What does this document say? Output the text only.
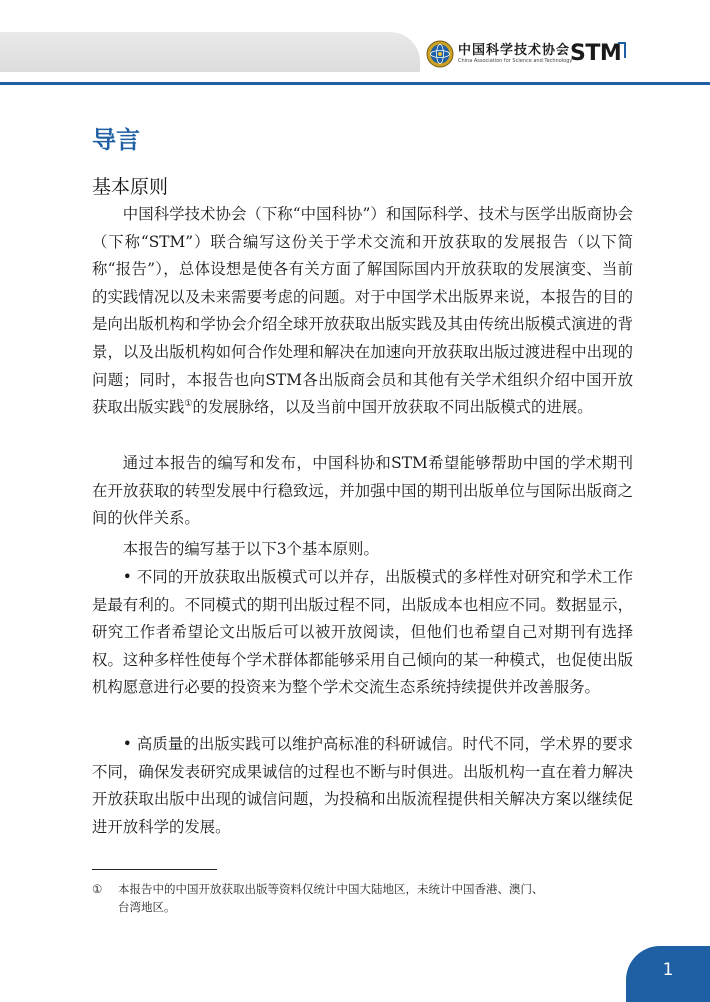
中国科学技术协会
China Association for Science and Technology
STM
导言
基本原则

中国科学技术协会（下称“中国科协”）和国际科学、技术与医学出版商协会（下称“STM”）联合编写这份关于学术交流和开放获取的发展报告（以下简称“报告”），总体设想是使各有关方面了解国际国内开放获取的发展演变、当前的实践情况以及未来需要考虑的问题。对于中国学术出版界来说，本报告的目的是向出版机构和学协会介绍全球开放获取出版实践及其由传统出版模式演进的背景，以及出版机构如何合作处理和解决在加速向开放获取出版过渡进程中出现的问题；同时，本报告也向STM各出版商会员和其他有关学术组织介绍中国开放获取出版实践①的发展脉络，以及当前中国开放获取不同出版模式的进展。

通过本报告的编写和发布，中国科协和STM希望能够帮助中国的学术期刊在开放获取的转型发展中行稳致远，并加强中国的期刊出版单位与国际出版商之间的伙伴关系。

本报告的编写基于以下3个基本原则。

• 不同的开放获取出版模式可以并存，出版模式的多样性对研究和学术工作是最有利的。不同模式的期刊出版过程不同，出版成本也相应不同。数据显示，研究工作者希望论文出版后可以被开放阅读，但他们也希望自己对期刊有选择权。这种多样性使每个学术群体都能够采用自己倾向的某一种模式，也促使出版机构愿意进行必要的投资来为整个学术交流生态系统持续提供并改善服务。

• 高质量的出版实践可以维护高标准的科研诚信。时代不同，学术界的要求不同，确保发表研究成果诚信的过程也不断与时俱进。出版机构一直在着力解决开放获取出版中出现的诚信问题，为投稿和出版流程提供相关解决方案以继续促进开放科学的发展。

① 本报告中的中国开放获取出版等资料仅统计中国大陆地区，未统计中国香港、澳门、
台湾地区。

1
